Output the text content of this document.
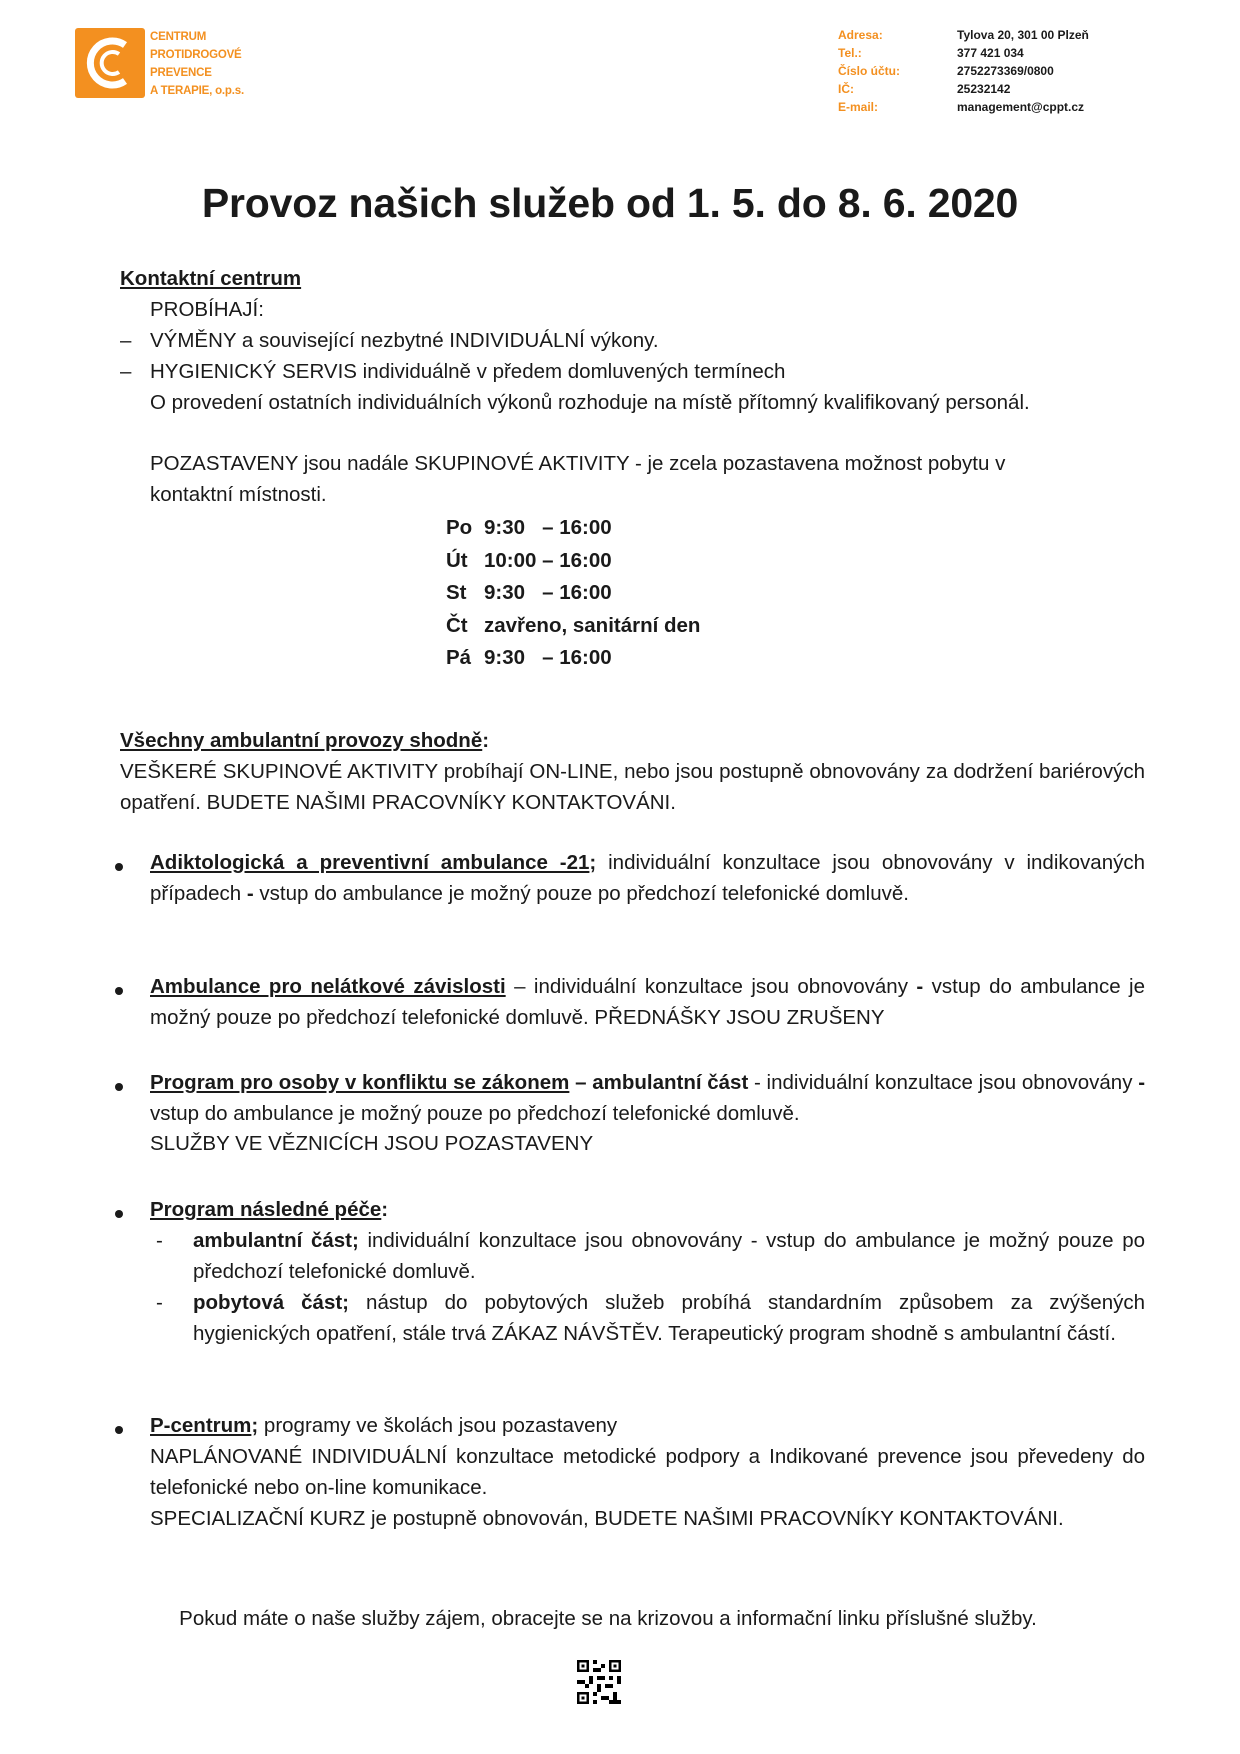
CENTRUM
PROTIDROGOVÉ
PREVENCE
A TERAPIE, o.p.s.
Adresa:
Tel.:
Číslo účtu:
IČ:
E-mail:
Tylova 20, 301 00 Plzeň
377 421 034
2752273369/0800
25232142
management@cppt.cz
Provoz našich služeb od 1. 5. do 8. 6. 2020
Kontaktní centrum
PROBÍHAJÍ:
– VÝMĚNY a související nezbytné INDIVIDUÁLNÍ výkony.
– HYGIENICKÝ SERVIS individuálně v předem domluvených termínech
O provedení ostatních individuálních výkonů rozhoduje na místě přítomný kvalifikovaný personál.
POZASTAVENY jsou nadále SKUPINOVÉ AKTIVITY - je zcela pozastavena možnost pobytu v kontaktní místnosti.
Po 9:30   – 16:00
Út 10:00 – 16:00
St 9:30   – 16:00
Čt zavřeno, sanitární den
Pá 9:30   – 16:00
Všechny ambulantní provozy shodně:
VEŠKERÉ SKUPINOVÉ AKTIVITY probíhají ON-LINE, nebo jsou postupně obnovovány za dodržení bariérových opatření. BUDETE NAŠIMI PRACOVNÍKY KONTAKTOVÁNI.
Adiktologická a preventivní ambulance -21; individuální konzultace jsou obnovovány v indikovaných případech - vstup do ambulance je možný pouze po předchozí telefonické domluvě.
Ambulance pro nelátkové závislosti – individuální konzultace jsou obnovovány - vstup do ambulance je možný pouze po předchozí telefonické domluvě. PŘEDNÁŠKY JSOU ZRUŠENY
Program pro osoby v konfliktu se zákonem – ambulantní část - individuální konzultace jsou obnovovány - vstup do ambulance je možný pouze po předchozí telefonické domluvě.
SLUŽBY VE VĚZNICÍCH JSOU POZASTAVENY
Program následné péče:
- ambulantní část; individuální konzultace jsou obnovovány - vstup do ambulance je možný pouze po předchozí telefonické domluvě.
- pobytová část; nástup do pobytových služeb probíhá standardním způsobem za zvýšených hygienických opatření, stále trvá ZÁKAZ NÁVŠTĚV. Terapeutický program shodně s ambulantní částí.
P-centrum; programy ve školách jsou pozastaveny
NAPLÁNOVANÉ INDIVIDUÁLNÍ konzultace metodické podpory a Indikované prevence jsou převedeny do telefonické nebo on-line komunikace.
SPECIALIZAČNÍ KURZ je postupně obnovován, BUDETE NAŠIMI PRACOVNÍKY KONTAKTOVÁNI.
Pokud máte o naše služby zájem, obracejte se na krizovou a informační linku příslušné služby.
